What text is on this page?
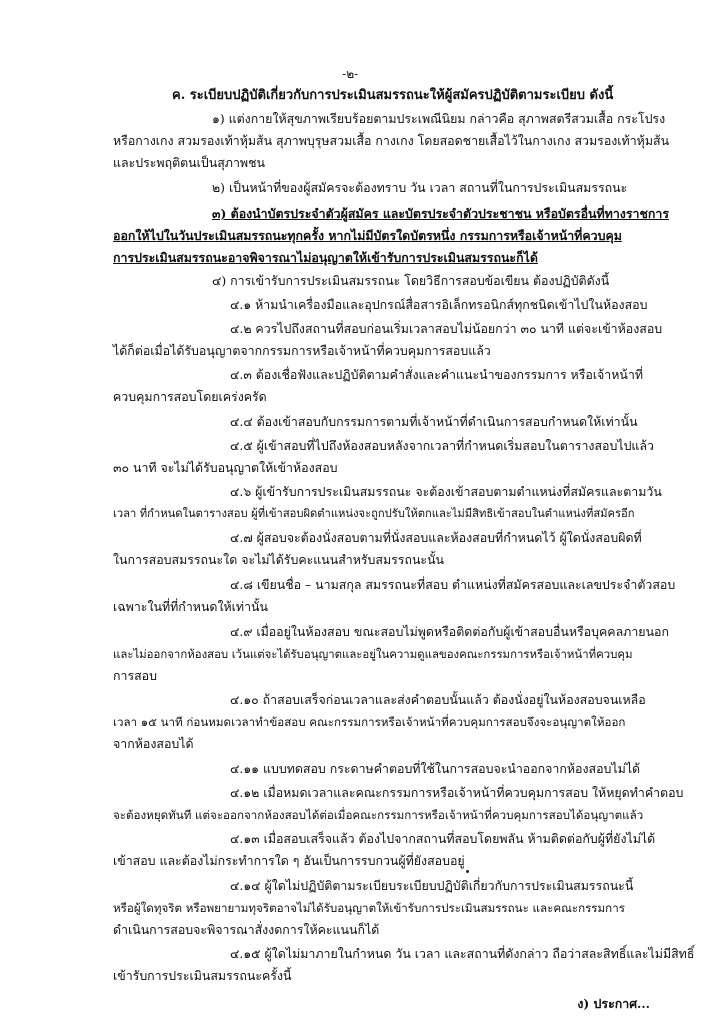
-๒-
ค. ระเบียบปฏิบัติเกี่ยวกับการประเมินสมรรถนะให้ผู้สมัครปฏิบัติตามระเบียบ ดังนี้
๑) แต่งกายให้สุขภาพเรียบร้อยตามประเพณีนิยม กล่าวคือ สุภาพสตรีสวมเสื้อ กระโปรง
หรือกางเกง สวมรองเท้าหุ้มส้น สุภาพบุรุษสวมเสื้อ กางเกง โดยสอดชายเสื้อไว้ในกางเกง สวมรองเท้าหุ้มส้น
และประพฤติตนเป็นสุภาพชน
๒) เป็นหน้าที่ของผู้สมัครจะต้องทราบ วัน เวลา สถานที่ในการประเมินสมรรถนะ
๓) ต้องนำบัตรประจำตัวผู้สมัคร และบัตรประจำตัวประชาชน หรือบัตรอื่นที่ทางราชการ
ออกให้ไปในวันประเมินสมรรถนะทุกครั้ง หากไม่มีบัตรใดบัตรหนึ่ง กรรมการหรือเจ้าหน้าที่ควบคุม
การประเมินสมรรถนะอาจพิจารณาไม่อนุญาตให้เข้ารับการประเมินสมรรถนะก็ได้
๔) การเข้ารับการประเมินสมรรถนะ โดยวิธีการสอบข้อเขียน ต้องปฏิบัติดังนี้
๔.๑ ห้ามนำเครื่องมือและอุปกรณ์สื่อสารอิเล็กทรอนิกส์ทุกชนิดเข้าไปในห้องสอบ
๔.๒ ควรไปถึงสถานที่สอบก่อนเริ่มเวลาสอบไม่น้อยกว่า ๓๐ นาที แต่จะเข้าห้องสอบ
ได้ก็ต่อเมื่อได้รับอนุญาตจากกรรมการหรือเจ้าหน้าที่ควบคุมการสอบแล้ว
๔.๓ ต้องเชื่อฟังและปฏิบัติตามคำสั่งและคำแนะนำของกรรมการ หรือเจ้าหน้าที่
ควบคุมการสอบโดยเคร่งครัด
๔.๔ ต้องเข้าสอบกับกรรมการตามที่เจ้าหน้าที่ดำเนินการสอบกำหนดให้เท่านั้น
๔.๕ ผู้เข้าสอบที่ไปถึงห้องสอบหลังจากเวลาที่กำหนดเริ่มสอบในตารางสอบไปแล้ว
๓๐ นาที จะไม่ได้รับอนุญาตให้เข้าห้องสอบ
๔.๖ ผู้เข้ารับการประเมินสมรรถนะ จะต้องเข้าสอบตามตำแหน่งที่สมัครและตามวัน
เวลา ที่กำหนดในตารางสอบ ผู้ที่เข้าสอบผิดตำแหน่งจะถูกปรับให้ตกและไม่มีสิทธิเข้าสอบในตำแหน่งที่สมัครอีก
๔.๗ ผู้สอบจะต้องนั่งสอบตามที่นั่งสอบและห้องสอบที่กำหนดไว้ ผู้ใดนั่งสอบผิดที่
ในการสอบสมรรถนะใด จะไม่ได้รับคะแนนสำหรับสมรรถนะนั้น
๔.๘ เขียนชื่อ – นามสกุล สมรรถนะที่สอบ ตำแหน่งที่สมัครสอบและเลขประจำตัวสอบ
เฉพาะในที่ที่กำหนดให้เท่านั้น
๔.๙ เมื่ออยู่ในห้องสอบ ขณะสอบไม่พูดหรือติดต่อกับผู้เข้าสอบอื่นหรือบุคคลภายนอก
และไม่ออกจากห้องสอบ เว้นแต่จะได้รับอนุญาตและอยู่ในความดูแลของคณะกรรมการหรือเจ้าหน้าที่ควบคุม
การสอบ
๔.๑๐ ถ้าสอบเสร็จก่อนเวลาและส่งคำตอบนั้นแล้ว ต้องนั่งอยู่ในห้องสอบจนเหลือ
เวลา ๑๕ นาที ก่อนหมดเวลาทำข้อสอบ คณะกรรมการหรือเจ้าหน้าที่ควบคุมการสอบจึงจะอนุญาตให้ออก
จากห้องสอบได้
๔.๑๑ แบบทดสอบ กระดาษคำตอบที่ใช้ในการสอบจะนำออกจากห้องสอบไม่ได้
๔.๑๒ เมื่อหมดเวลาและคณะกรรมการหรือเจ้าหน้าที่ควบคุมการสอบ ให้หยุดทำคำตอบ
จะต้องหยุดทันที แต่จะออกจากห้องสอบได้ต่อเมื่อคณะกรรมการหรือเจ้าหน้าที่ควบคุมการสอบได้อนุญาตแล้ว
๔.๑๓ เมื่อสอบเสร็จแล้ว ต้องไปจากสถานที่สอบโดยพลัน ห้ามติดต่อกับผู้ที่ยังไม่ได้
เข้าสอบ และต้องไม่กระทำการใด ๆ อันเป็นการรบกวนผู้ที่ยังสอบอยู่
๔.๑๔ ผู้ใดไม่ปฏิบัติตามระเบียบระเบียบปฏิบัติเกี่ยวกับการประเมินสมรรถนะนี้
หรือผู้ใดทุจริต หรือพยายามทุจริตอาจไม่ได้รับอนุญาตให้เข้ารับการประเมินสมรรถนะ และคณะกรรมการ
ดำเนินการสอบจะพิจารณาสั่งงดการให้คะแนนก็ได้
๔.๑๕ ผู้ใดไม่มาภายในกำหนด วัน เวลา และสถานที่ดังกล่าว ถือว่าสละสิทธิ์และไม่มีสิทธิ์
เข้ารับการประเมินสมรรถนะครั้งนี้
ง) ประกาศ...
